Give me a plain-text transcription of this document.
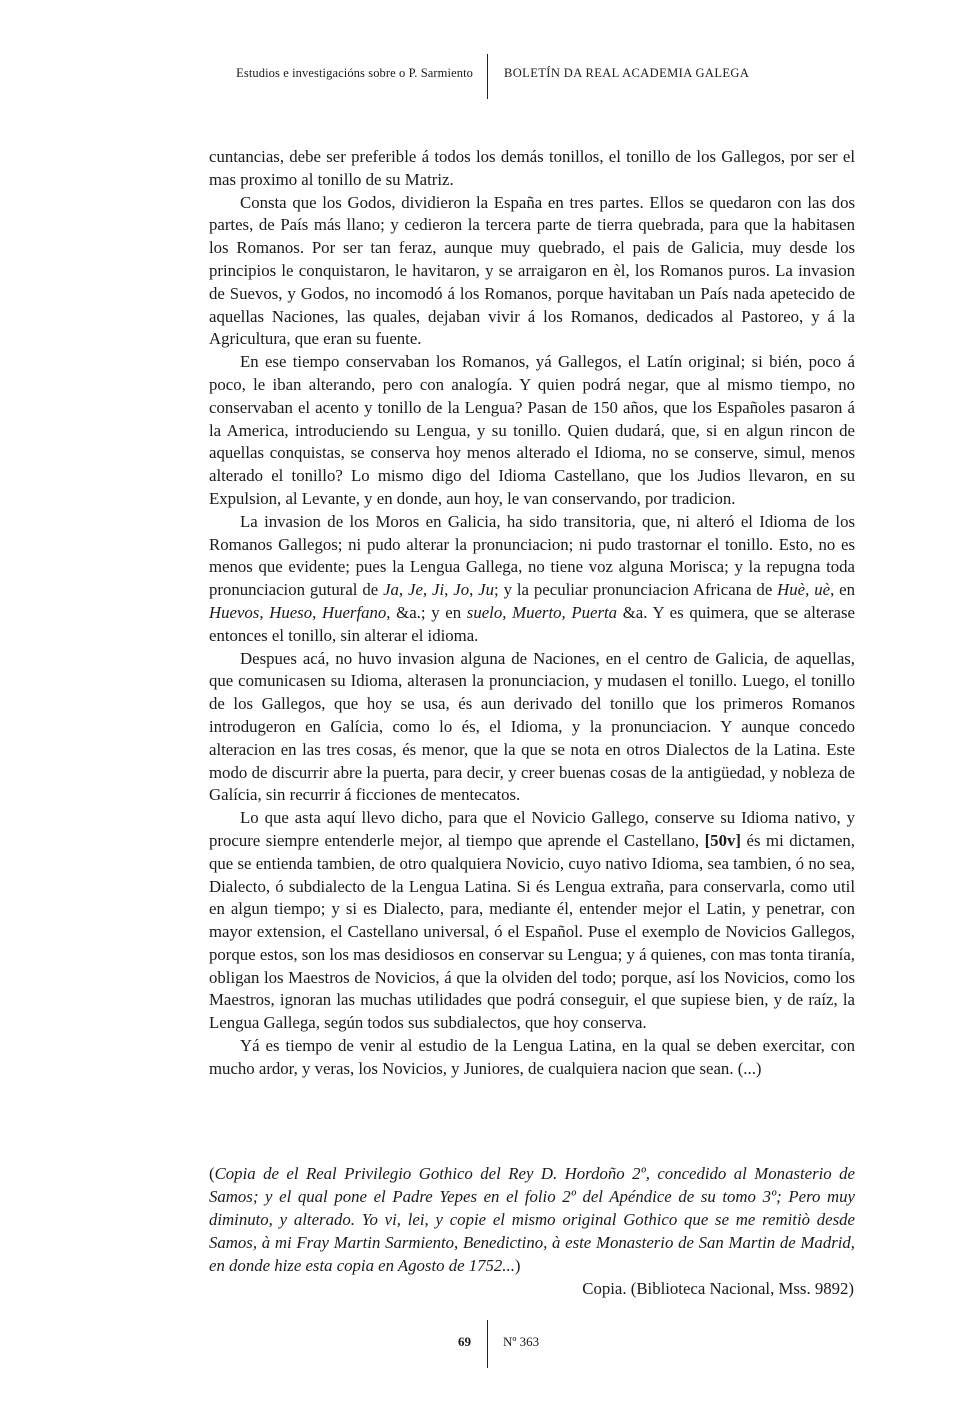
Estudios e investigacións sobre o P. Sarmiento BOLETÍN DA REAL ACADEMIA GALEGA

cuntancias, debe ser preferible á todos los demás tonillos, el tonillo de los Gallegos, por ser el mas proximo al tonillo de su Matriz.

Consta que los Godos, dividieron la España en tres partes. Ellos se quedaron con las dos partes, de País más llano; y cedieron la tercera parte de tierra quebrada, para que la habitasen los Romanos. Por ser tan feraz, aunque muy quebrado, el pais de Galicia, muy desde los principios le conquistaron, le havitaron, y se arraigaron en èl, los Romanos puros. La invasion de Suevos, y Godos, no incomodó á los Romanos, porque havitaban un País nada apetecido de aquellas Naciones, las quales, dejaban vivir á los Romanos, dedicados al Pastoreo, y á la Agricultura, que eran su fuente.

En ese tiempo conservaban los Romanos, yá Gallegos, el Latín original; si bién, poco á poco, le iban alterando, pero con analogía. Y quien podrá negar, que al mismo tiempo, no conservaban el acento y tonillo de la Lengua? Pasan de 150 años, que los Españoles pasaron á la America, introduciendo su Lengua, y su tonillo. Quien dudará, que, si en algun rincon de aquellas conquistas, se conserva hoy menos alterado el Idioma, no se conserve, simul, menos alterado el tonillo? Lo mismo digo del Idioma Castellano, que los Judios llevaron, en su Expulsion, al Levante, y en donde, aun hoy, le van conservando, por tradicion.

La invasion de los Moros en Galicia, ha sido transitoria, que, ni alteró el Idioma de los Romanos Gallegos; ni pudo alterar la pronunciacion; ni pudo trastornar el tonillo. Esto, no es menos que evidente; pues la Lengua Gallega, no tiene voz alguna Morisca; y la repugna toda pronunciacion gutural de Ja, Je, Ji, Jo, Ju; y la peculiar pronunciacion Africana de Huè, uè, en Huevos, Hueso, Huerfano, &a.; y en suelo, Muerto, Puerta &a. Y es quimera, que se alterase entonces el tonillo, sin alterar el idioma.

Despues acá, no huvo invasion alguna de Naciones, en el centro de Galicia, de aquellas, que comunicasen su Idioma, alterasen la pronunciacion, y mudasen el tonillo. Luego, el tonillo de los Gallegos, que hoy se usa, és aun derivado del tonillo que los primeros Romanos introdugeron en Galícia, como lo és, el Idioma, y la pronunciacion. Y aunque concedo alteracion en las tres cosas, és menor, que la que se nota en otros Dialectos de la Latina. Este modo de discurrir abre la puerta, para decir, y creer buenas cosas de la antigüedad, y nobleza de Galícia, sin recurrir á ficciones de mentecatos.

Lo que asta aquí llevo dicho, para que el Novicio Gallego, conserve su Idioma nativo, y procure siempre entenderle mejor, al tiempo que aprende el Castellano, [50v] és mi dictamen, que se entienda tambien, de otro qualquiera Novicio, cuyo nativo Idioma, sea tambien, ó no sea, Dialecto, ó subdialecto de la Lengua Latina. Si és Lengua extraña, para conservarla, como util en algun tiempo; y si es Dialecto, para, mediante él, entender mejor el Latin, y penetrar, con mayor extension, el Castellano universal, ó el Español. Puse el exemplo de Novicios Gallegos, porque estos, son los mas desidiosos en conservar su Lengua; y á quienes, con mas tonta tiranía, obligan los Maestros de Novicios, á que la olviden del todo; porque, así los Novicios, como los Maestros, ignoran las muchas utilidades que podrá conseguir, el que supiese bien, y de raíz, la Lengua Gallega, según todos sus subdialectos, que hoy conserva.

Yá es tiempo de venir al estudio de la Lengua Latina, en la qual se deben exercitar, con mucho ardor, y veras, los Novicios, y Juniores, de cualquiera nacion que sean. (...)

(Copia de el Real Privilegio Gothico del Rey D. Hordoño 2º, concedido al Monasterio de Samos; y el qual pone el Padre Yepes en el folio 2º del Apéndice de su tomo 3º; Pero muy diminuto, y alterado. Yo vi, lei, y copie el mismo original Gothico que se me remitiò desde Samos, à mi Fray Martin Sarmiento, Benedictino, à este Monasterio de San Martin de Madrid, en donde hize esta copia en Agosto de 1752...)

Copia. (Biblioteca Nacional, Mss. 9892)

69 Nº 363
